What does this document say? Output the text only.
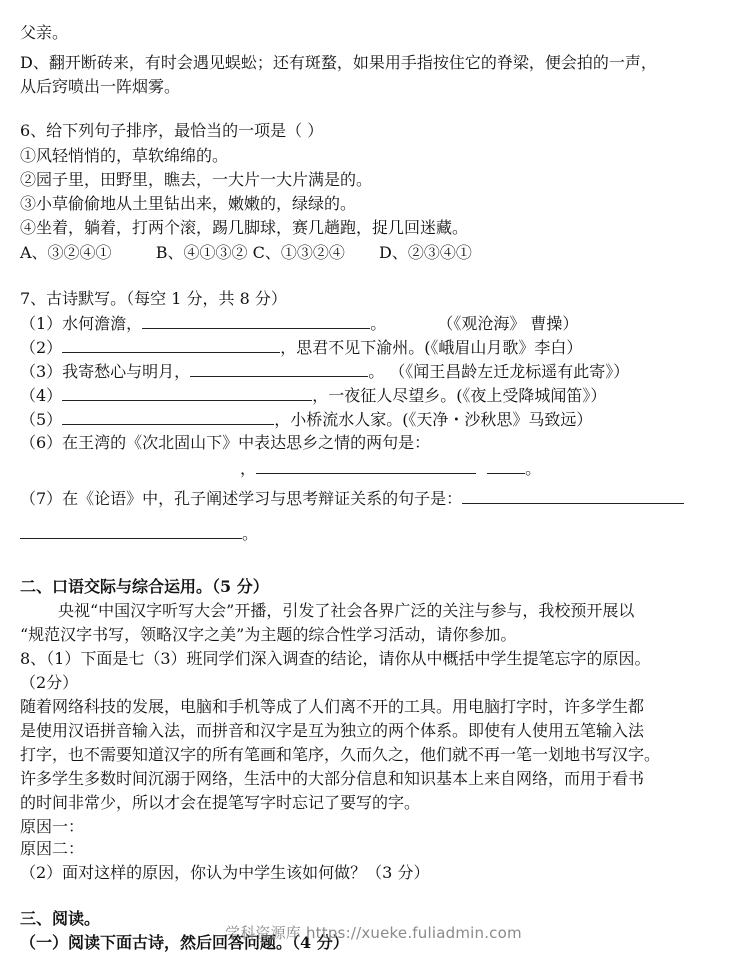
父亲。
D、翻开断砖来，有时会遇见蜈蚣；还有斑蝥，如果用手指按住它的脊梁，便会拍的一声，
从后窍喷出一阵烟雾。
6、给下列句子排序，最恰当的一项是（ ）
①风轻悄悄的，草软绵绵的。
②园子里，田野里，瞧去，一大片一大片满是的。
③小草偷偷地从土里钻出来，嫩嫩的，绿绿的。
④坐着，躺着，打两个滚，踢几脚球，赛几趟跑，捉几回迷藏。
A、③②④①	B、④①③② C、①③②④ D、②③④①
7、古诗默写。（每空 1 分，共 8 分）
（1）水何澹澹，	。	（《观沧海》 曹操）
（2）	，思君不见下渝州。(《峨眉山月歌》李白）
（3）我寄愁心与明月，	。 （《闻王昌龄左迁龙标遥有此寄》）
（4）	，一夜征人尽望乡。(《夜上受降城闻笛》）
（5）	，小桥流水人家。(《天净・沙秋思》马致远）
（6）在王湾的《次北固山下》中表达思乡之情的两句是：
，	。
（7）在《论语》中，孔子阐述学习与思考辩证关系的句子是：
。
二、口语交际与综合运用。（5 分）
央视“中国汉字听写大会”开播，引发了社会各界广泛的关注与参与，我校预开展以
“规范汉字书写，领略汉字之美”为主题的综合性学习活动，请你参加。
8、（1）下面是七（3）班同学们深入调查的结论，请你从中概括中学生提笔忘字的原因。
（2分）
随着网络科技的发展，电脑和手机等成了人们离不开的工具。用电脑打字时，许多学生都
是使用汉语拼音输入法，而拼音和汉字是互为独立的两个体系。即使有人使用五笔输入法
打字，也不需要知道汉字的所有笔画和笔序，久而久之，他们就不再一笔一划地书写汉字。
许多学生多数时间沉溺于网络，生活中的大部分信息和知识基本上来自网络，而用于看书
的时间非常少，所以才会在提笔写字时忘记了要写的字。
原因一：
原因二：
（2）面对这样的原因，你认为中学生该如何做？（3 分）
三、阅读。
（一）阅读下面古诗，然后回答问题。（4 分）
学科资源库 https://xueke.fuliadmin.com
